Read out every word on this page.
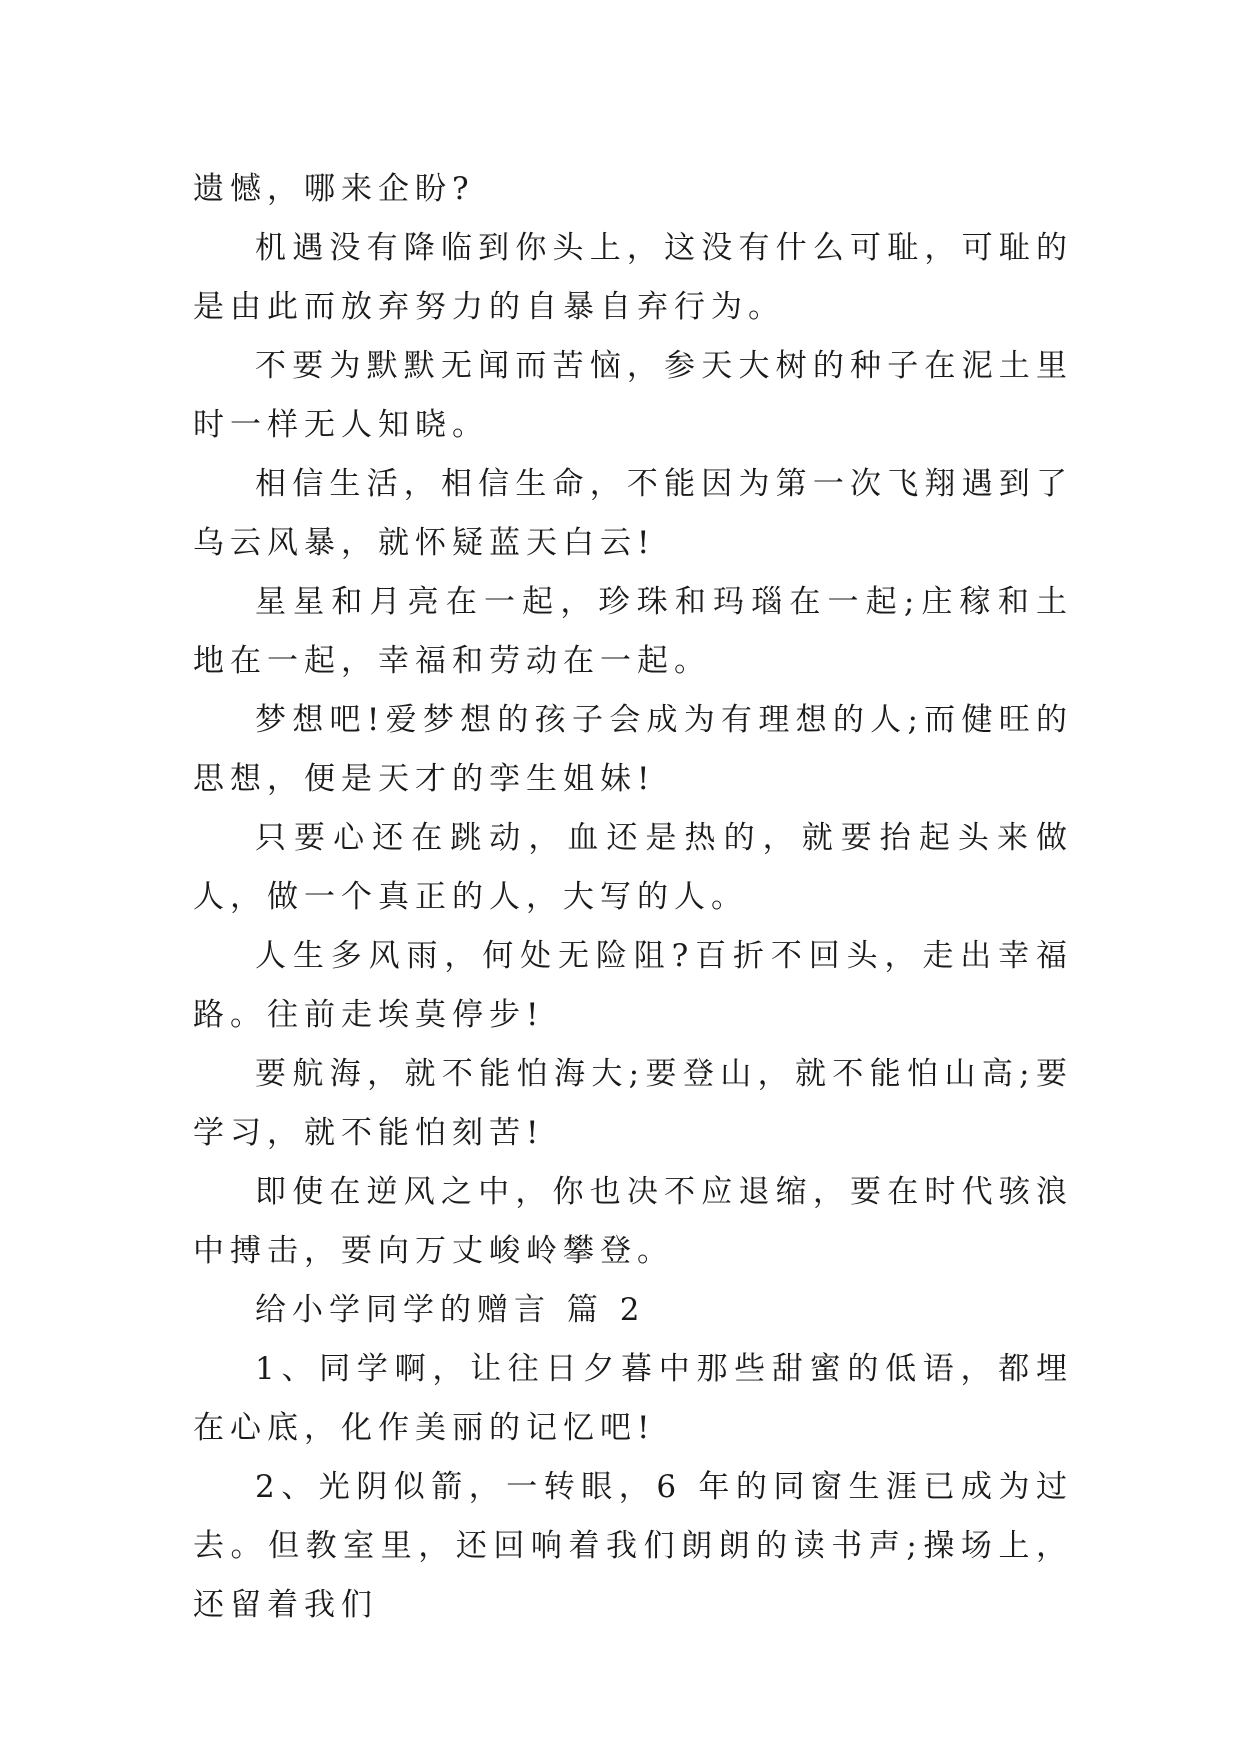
遗憾，哪来企盼?

机遇没有降临到你头上，这没有什么可耻，可耻的是由此而放弃努力的自暴自弃行为。

不要为默默无闻而苦恼，参天大树的种子在泥土里时一样无人知晓。

相信生活，相信生命，不能因为第一次飞翔遇到了乌云风暴，就怀疑蓝天白云!

星星和月亮在一起，珍珠和玛瑙在一起;庄稼和土地在一起，幸福和劳动在一起。

梦想吧!爱梦想的孩子会成为有理想的人;而健旺的思想，便是天才的孪生姐妹!

只要心还在跳动，血还是热的，就要抬起头来做人，做一个真正的人，大写的人。

人生多风雨，何处无险阻?百折不回头，走出幸福路。往前走埃莫停步!

要航海，就不能怕海大;要登山，就不能怕山高;要学习，就不能怕刻苦!

即使在逆风之中，你也决不应退缩，要在时代骇浪中搏击，要向万丈峻岭攀登。

给小学同学的赠言 篇 2

1、同学啊，让往日夕暮中那些甜蜜的低语，都埋在心底，化作美丽的记忆吧!

2、光阴似箭，一转眼，6 年的同窗生涯已成为过去。但教室里，还回响着我们朗朗的读书声;操场上，还留着我们
